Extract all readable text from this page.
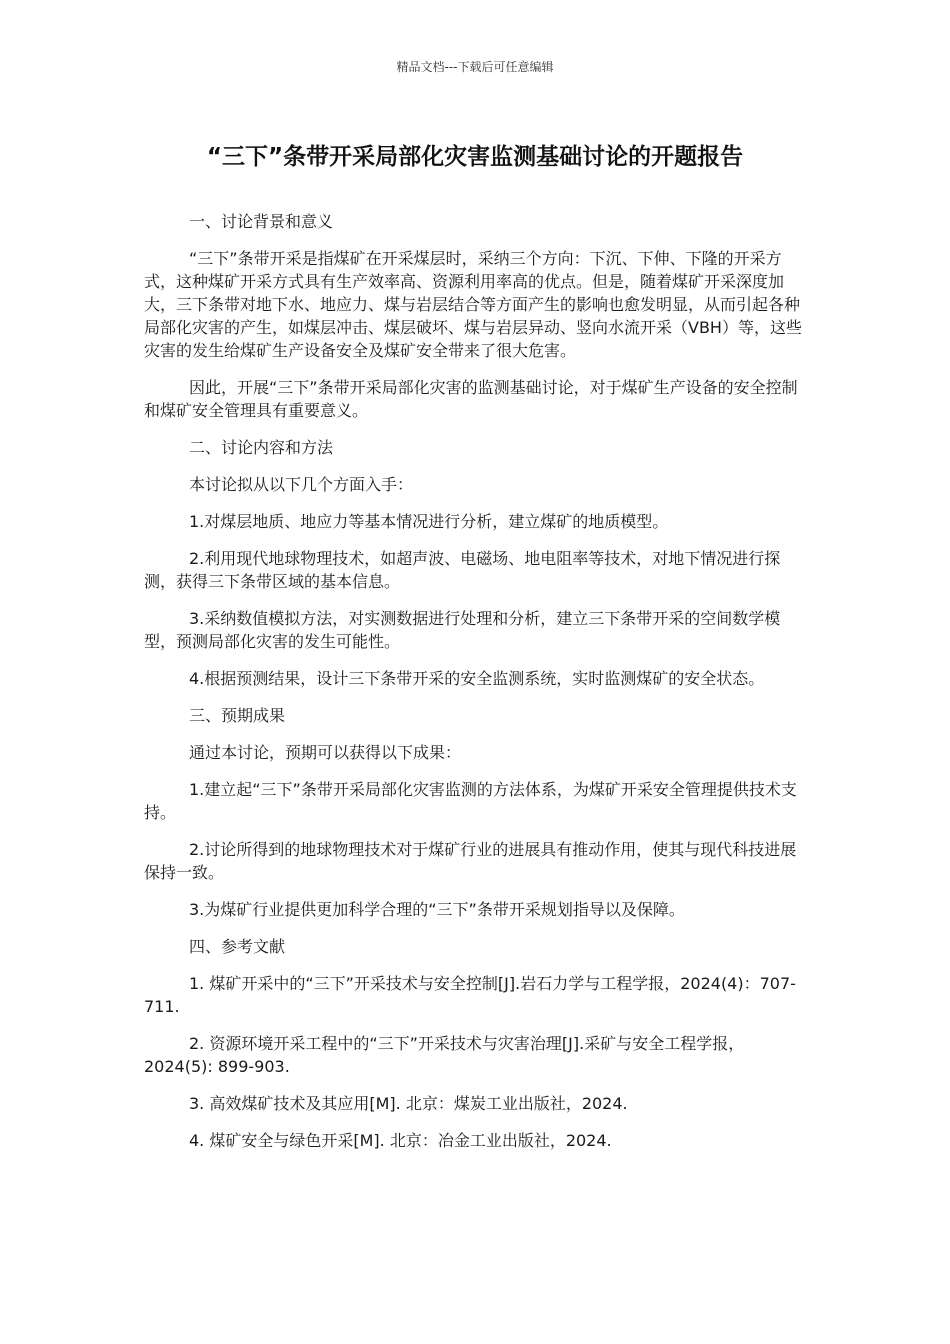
精品文档---下载后可任意编辑
“三下”条带开采局部化灾害监测基础讨论的开题报告

一、讨论背景和意义

“三下”条带开采是指煤矿在开采煤层时，采纳三个方向：下沉、下伸、下隆的开采方式，这种煤矿开采方式具有生产效率高、资源利用率高的优点。但是，随着煤矿开采深度加大，三下条带对地下水、地应力、煤与岩层结合等方面产生的影响也愈发明显，从而引起各种局部化灾害的产生，如煤层冲击、煤层破坏、煤与岩层异动、竖向水流开采（VBH）等，这些灾害的发生给煤矿生产设备安全及煤矿安全带来了很大危害。

因此，开展“三下”条带开采局部化灾害的监测基础讨论，对于煤矿生产设备的安全控制和煤矿安全管理具有重要意义。

二、讨论内容和方法

本讨论拟从以下几个方面入手：

1.对煤层地质、地应力等基本情况进行分析，建立煤矿的地质模型。

2.利用现代地球物理技术，如超声波、电磁场、地电阻率等技术，对地下情况进行探测，获得三下条带区域的基本信息。

3.采纳数值模拟方法，对实测数据进行处理和分析，建立三下条带开采的空间数学模型，预测局部化灾害的发生可能性。

4.根据预测结果，设计三下条带开采的安全监测系统，实时监测煤矿的安全状态。

三、预期成果

通过本讨论，预期可以获得以下成果：

1.建立起“三下”条带开采局部化灾害监测的方法体系，为煤矿开采安全管理提供技术支持。

2.讨论所得到的地球物理技术对于煤矿行业的进展具有推动作用，使其与现代科技进展保持一致。

3.为煤矿行业提供更加科学合理的“三下”条带开采规划指导以及保障。

四、参考文献

1. 煤矿开采中的“三下”开采技术与安全控制[J].岩石力学与工程学报，2024(4)：707-711.

2. 资源环境开采工程中的“三下”开采技术与灾害治理[J].采矿与安全工程学报，2024(5): 899-903.

3. 高效煤矿技术及其应用[M]. 北京：煤炭工业出版社，2024.

4. 煤矿安全与绿色开采[M]. 北京：冶金工业出版社，2024.
